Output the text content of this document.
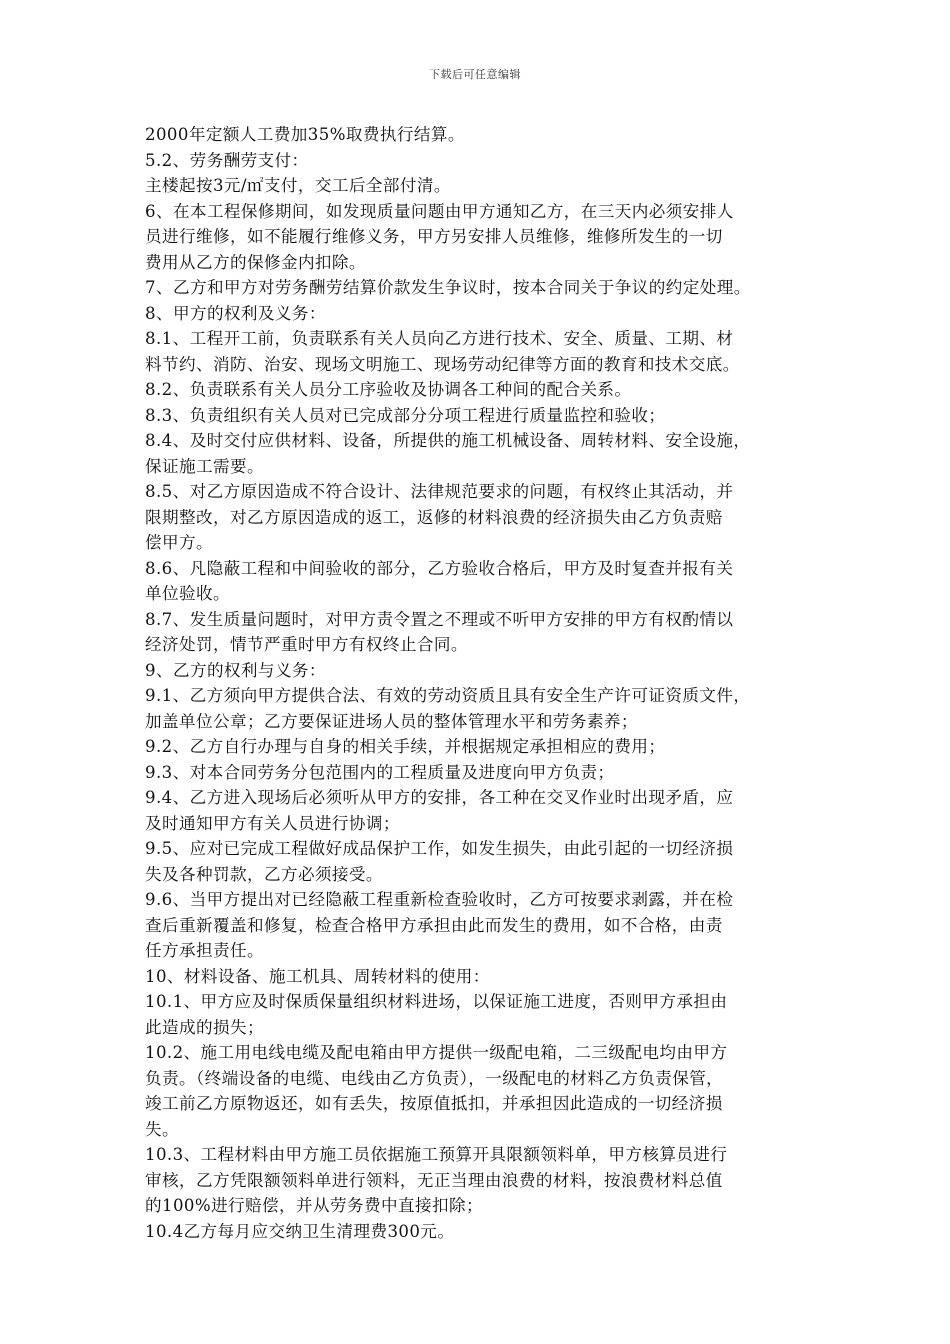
下载后可任意编辑
2000年定额人工费加35%取费执行结算。
5.2、劳务酬劳支付：
主楼起按3元/㎡支付，交工后全部付清。
6、在本工程保修期间，如发现质量问题由甲方通知乙方，在三天内必须安排人
员进行维修，如不能履行维修义务，甲方另安排人员维修，维修所发生的一切
费用从乙方的保修金内扣除。
7、乙方和甲方对劳务酬劳结算价款发生争议时，按本合同关于争议的约定处理。
8、甲方的权利及义务：
8.1、工程开工前，负责联系有关人员向乙方进行技术、安全、质量、工期、材
料节约、消防、治安、现场文明施工、现场劳动纪律等方面的教育和技术交底。
8.2、负责联系有关人员分工序验收及协调各工种间的配合关系。
8.3、负责组织有关人员对已完成部分分项工程进行质量监控和验收；
8.4、及时交付应供材料、设备，所提供的施工机械设备、周转材料、安全设施，
保证施工需要。
8.5、对乙方原因造成不符合设计、法律规范要求的问题，有权终止其活动，并
限期整改，对乙方原因造成的返工，返修的材料浪费的经济损失由乙方负责赔
偿甲方。
8.6、凡隐蔽工程和中间验收的部分，乙方验收合格后，甲方及时复查并报有关
单位验收。
8.7、发生质量问题时，对甲方责令置之不理或不听甲方安排的甲方有权酌情以
经济处罚，情节严重时甲方有权终止合同。
9、乙方的权利与义务：
9.1、乙方须向甲方提供合法、有效的劳动资质且具有安全生产许可证资质文件，
加盖单位公章；乙方要保证进场人员的整体管理水平和劳务素养；
9.2、乙方自行办理与自身的相关手续，并根据规定承担相应的费用；
9.3、对本合同劳务分包范围内的工程质量及进度向甲方负责；
9.4、乙方进入现场后必须听从甲方的安排，各工种在交叉作业时出现矛盾，应
及时通知甲方有关人员进行协调；
9.5、应对已完成工程做好成品保护工作，如发生损失，由此引起的一切经济损
失及各种罚款，乙方必须接受。
9.6、当甲方提出对已经隐蔽工程重新检查验收时，乙方可按要求剥露，并在检
查后重新覆盖和修复，检查合格甲方承担由此而发生的费用，如不合格，由责
任方承担责任。
10、材料设备、施工机具、周转材料的使用：
10.1、甲方应及时保质保量组织材料进场，以保证施工进度，否则甲方承担由
此造成的损失；
10.2、施工用电线电缆及配电箱由甲方提供一级配电箱，二三级配电均由甲方
负责。（终端设备的电缆、电线由乙方负责），一级配电的材料乙方负责保管，
竣工前乙方原物返还，如有丢失，按原值抵扣，并承担因此造成的一切经济损
失。
10.3、工程材料由甲方施工员依据施工预算开具限额领料单，甲方核算员进行
审核，乙方凭限额领料单进行领料，无正当理由浪费的材料，按浪费材料总值
的100%进行赔偿，并从劳务费中直接扣除；
10.4乙方每月应交纳卫生清理费300元。
